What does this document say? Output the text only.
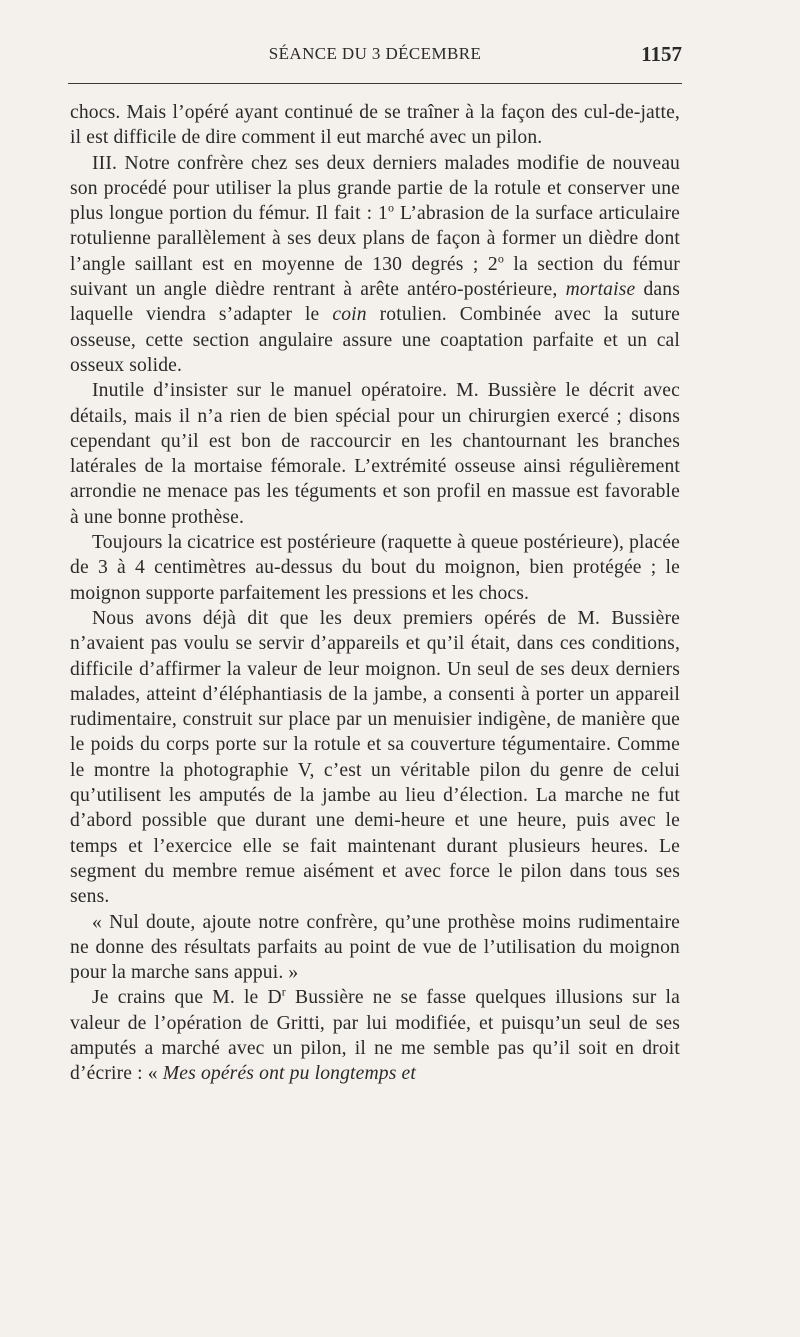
SÉANCE DU 3 DÉCEMBRE	1157

chocs. Mais l’opéré ayant continué de se traîner à la façon des cul-de-jatte, il est difficile de dire comment il eut marché avec un pilon.

III. Notre confrère chez ses deux derniers malades modifie de nouveau son procédé pour utiliser la plus grande partie de la rotule et conserver une plus longue portion du fémur. Il fait : 1$^o$ L’abrasion de la surface articulaire rotulienne parallèlement à ses deux plans de façon à former un dièdre dont l’angle saillant est en moyenne de 130 degrés ; 2$^o$ la section du fémur suivant un angle dièdre rentrant à arête antéro-postérieure, mortaise dans laquelle viendra s’adapter le coin rotulien. Combinée avec la suture osseuse, cette section angulaire assure une coaptation parfaite et un cal osseux solide.

Inutile d’insister sur le manuel opératoire. M. Bussière le décrit avec détails, mais il n’a rien de bien spécial pour un chirurgien exercé ; disons cependant qu’il est bon de raccourcir en les chantournant les branches latérales de la mortaise fémorale. L’extrémité osseuse ainsi régulièrement arrondie ne menace pas les téguments et son profil en massue est favorable à une bonne prothèse.

Toujours la cicatrice est postérieure (raquette à queue postérieure), placée de 3 à 4 centimètres au-dessus du bout du moignon, bien protégée ; le moignon supporte parfaitement les pressions et les chocs.

Nous avons déjà dit que les deux premiers opérés de M. Bussière n’avaient pas voulu se servir d’appareils et qu’il était, dans ces conditions, difficile d’affirmer la valeur de leur moignon. Un seul de ses deux derniers malades, atteint d’éléphantiasis de la jambe, a consenti à porter un appareil rudimentaire, construit sur place par un menuisier indigène, de manière que le poids du corps porte sur la rotule et sa couverture tégumentaire. Comme le montre la photographie V, c’est un véritable pilon du genre de celui qu’utilisent les amputés de la jambe au lieu d’élection. La marche ne fut d’abord possible que durant une demi-heure et une heure, puis avec le temps et l’exercice elle se fait maintenant durant plusieurs heures. Le segment du membre remue aisément et avec force le pilon dans tous ses sens.

« Nul doute, ajoute notre confrère, qu’une prothèse moins rudimentaire ne donne des résultats parfaits au point de vue de l’utilisation du moignon pour la marche sans appui. »

Je crains que M. le $D^r$ Bussière ne se fasse quelques illusions sur la valeur de l’opération de Gritti, par lui modifiée, et puisqu’un seul de ses amputés a marché avec un pilon, il ne me semble pas qu’il soit en droit d’écrire : « Mes opérés ont pu longtemps et
